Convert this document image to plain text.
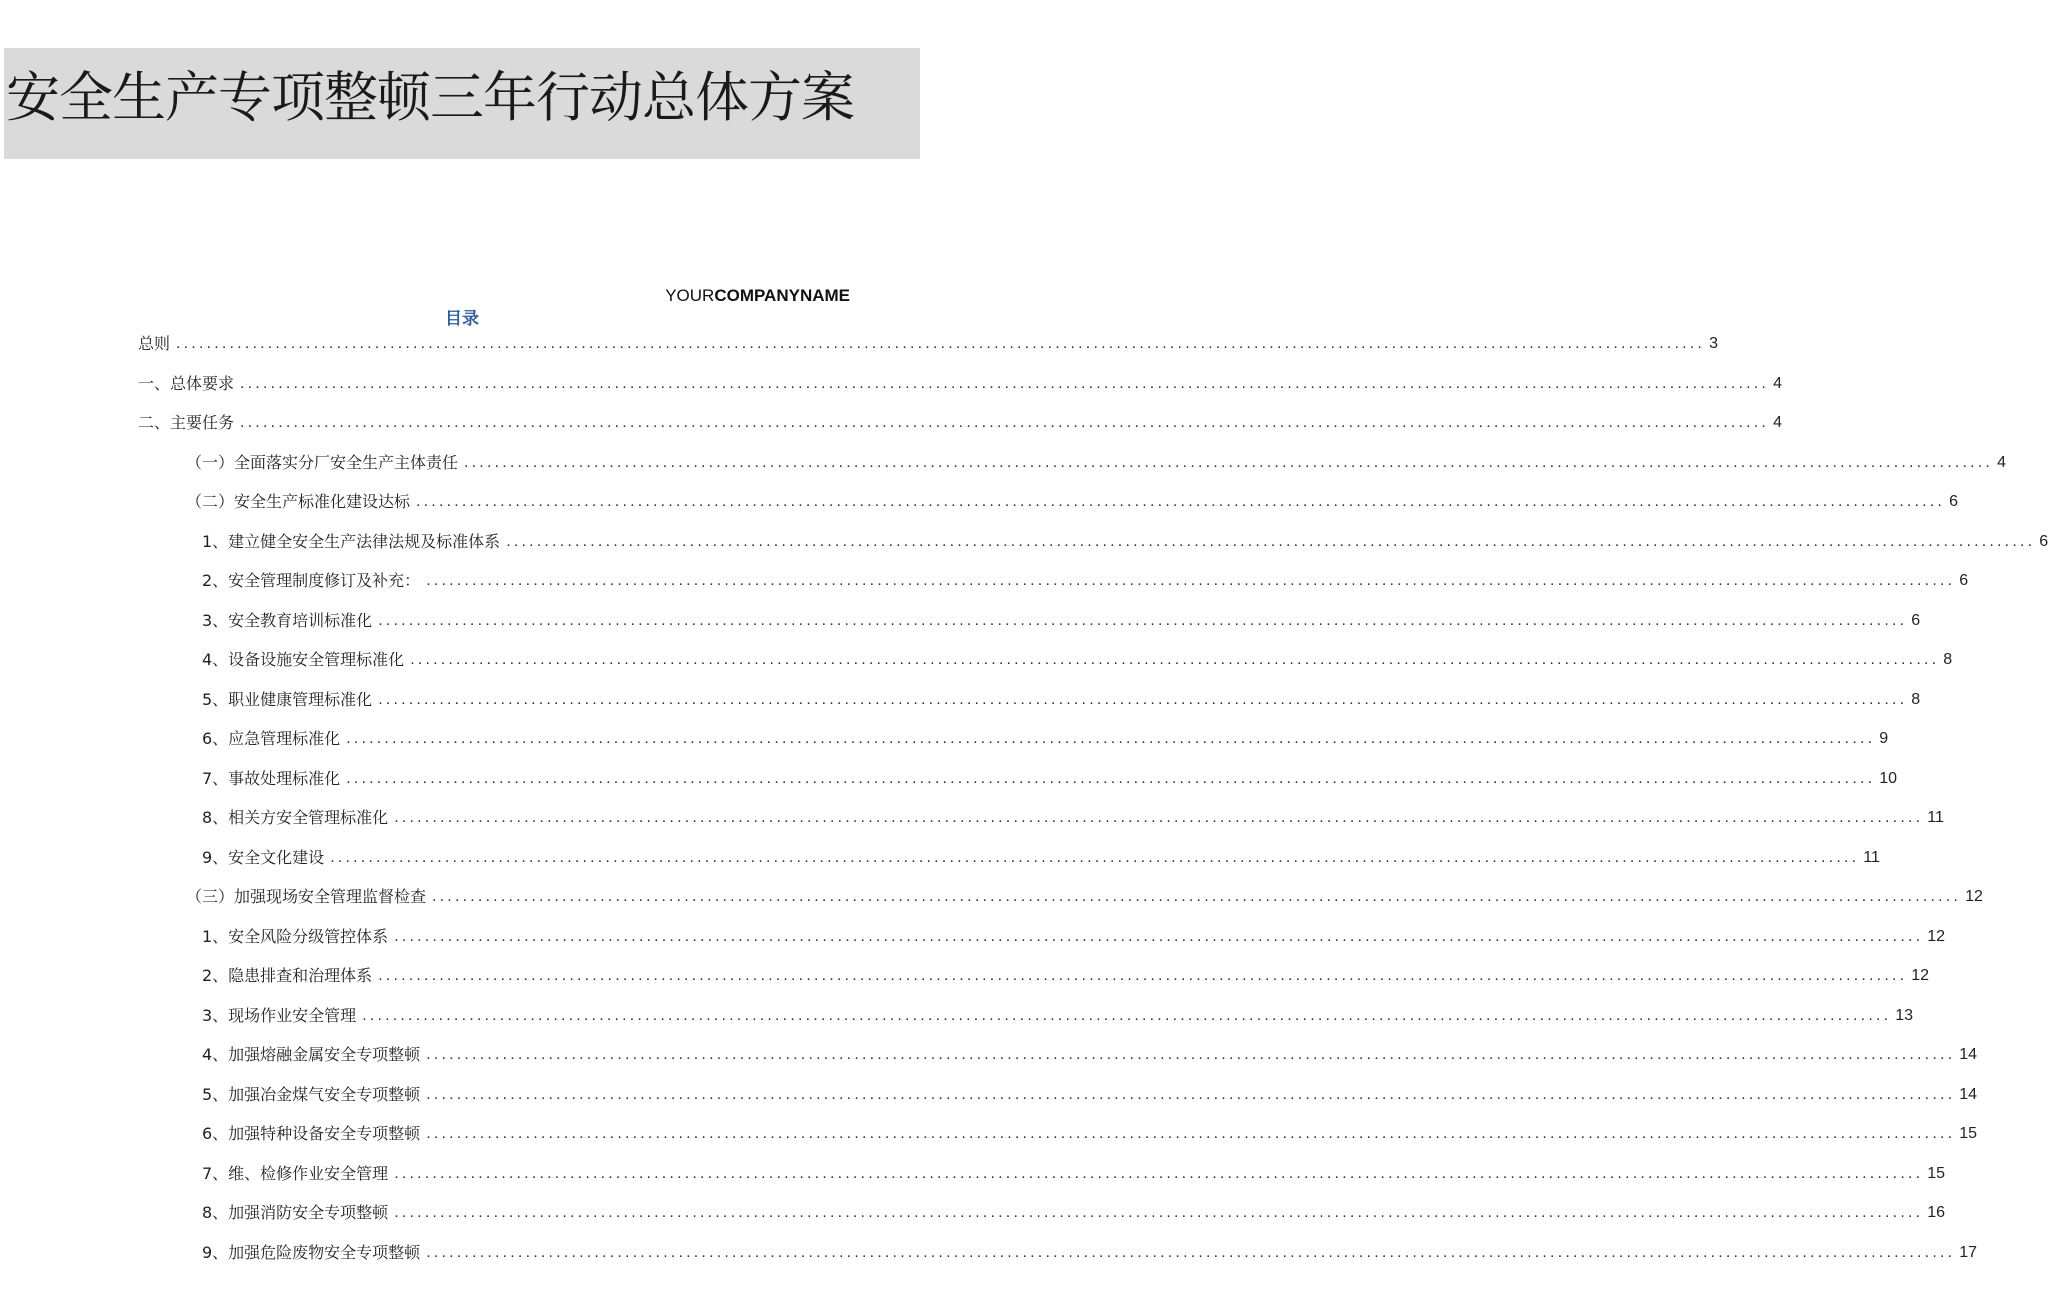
安全生产专项整顿三年行动总体方案
YOURCOMPANYNAME
目录
总则 ........................................................................................................................................................................................................ 3
一、总体要求 ........................................................................................................................................................................................................ 4
二、主要任务 ........................................................................................................................................................................................................ 4
（一）全面落实分厂安全生产主体责任 ........................................................................................................................................................................................................ 4
（二）安全生产标准化建设达标 ........................................................................................................................................................................................................ 6
1、建立健全安全生产法律法规及标准体系 ........................................................................................................................................................................................................ 6
2、安全管理制度修订及补充： ........................................................................................................................................................................................................ 6
3、安全教育培训标准化 ........................................................................................................................................................................................................ 6
4、设备设施安全管理标准化 ........................................................................................................................................................................................................ 8
5、职业健康管理标准化 ........................................................................................................................................................................................................ 8
6、应急管理标准化 ........................................................................................................................................................................................................ 9
7、事故处理标准化 ........................................................................................................................................................................................................ 10
8、相关方安全管理标准化 ........................................................................................................................................................................................................ 11
9、安全文化建设 ........................................................................................................................................................................................................ 11
（三）加强现场安全管理监督检查 ........................................................................................................................................................................................................ 12
1、安全风险分级管控体系 ........................................................................................................................................................................................................ 12
2、隐患排查和治理体系 ........................................................................................................................................................................................................ 12
3、现场作业安全管理 ........................................................................................................................................................................................................ 13
4、加强熔融金属安全专项整顿 ........................................................................................................................................................................................................ 14
5、加强冶金煤气安全专项整顿 ........................................................................................................................................................................................................ 14
6、加强特种设备安全专项整顿 ........................................................................................................................................................................................................ 15
7、维、检修作业安全管理 ........................................................................................................................................................................................................ 15
8、加强消防安全专项整顿 ........................................................................................................................................................................................................ 16
9、加强危险废物安全专项整顿 ........................................................................................................................................................................................................ 17
